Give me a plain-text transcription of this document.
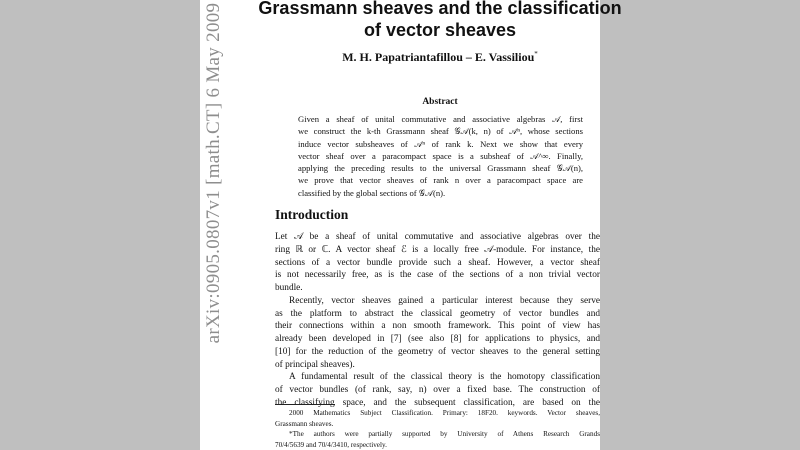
arXiv:0905.0807v1 [math.CT] 6 May 2009 Grassmann sheaves and the classification
of vector sheaves
M. H. Papatriantafillou – E. Vassiliou*
Abstract
Given a sheaf of unital commutative and associative algebras 𝒜, first
we construct the k-th Grassmann sheaf 𝒢𝒜(k, n) of 𝒜ⁿ, whose sections
induce vector subsheaves of 𝒜ⁿ of rank k. Next we show that every
vector sheaf over a paracompact space is a subsheaf of 𝒜^∞. Finally,
applying the preceding results to the universal Grassmann sheaf 𝒢𝒜(n),
we prove that vector sheaves of rank n over a paracompact space are
classified by the global sections of 𝒢𝒜(n).
Introduction
Let 𝒜 be a sheaf of unital commutative and associative algebras over the
ring ℝ or ℂ. A vector sheaf ℰ is a locally free 𝒜-module. For instance, the
sections of a vector bundle provide such a sheaf. However, a vector sheaf
is not necessarily free, as is the case of the sections of a non trivial vector
bundle.
Recently, vector sheaves gained a particular interest because they serve
as the platform to abstract the classical geometry of vector bundles and
their connections within a non smooth framework. This point of view has
already been developed in [7] (see also [8] for applications to physics, and
[10] for the reduction of the geometry of vector sheaves to the general setting
of principal sheaves).
A fundamental result of the classical theory is the homotopy classification
of vector bundles (of rank, say, n) over a fixed base. The construction of
the classifying space, and the subsequent classification, are based on the
2000 Mathematics Subject Classification. Primary: 18F20. keywords. Vector sheaves,
Grassmann sheaves.
*The authors were partially supported by University of Athens Research Grands
70/4/5639 and 70/4/3410, respectively.
